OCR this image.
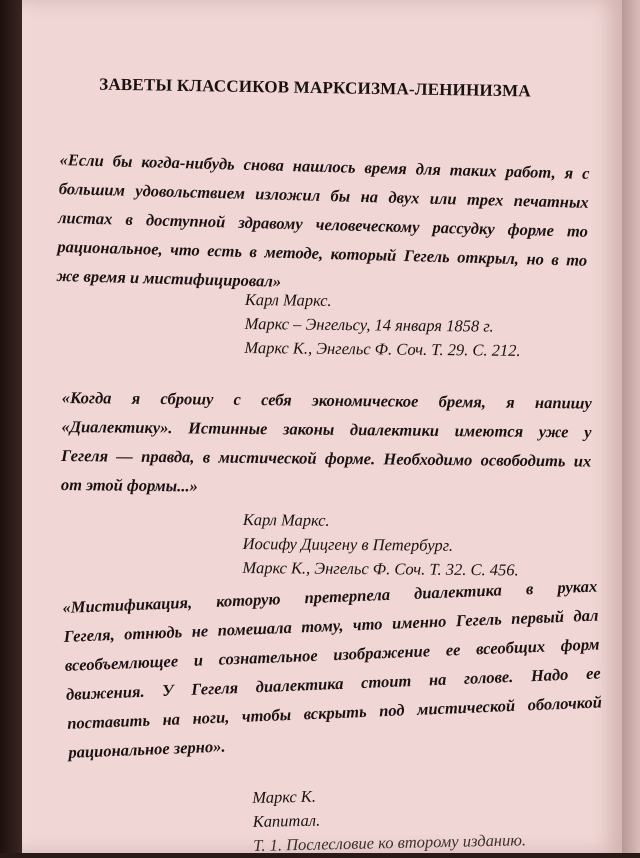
ЗАВЕТЫ КЛАССИКОВ МАРКСИЗМА-ЛЕНИНИЗМА
«Если бы когда-нибудь снова нашлось время для таких работ, я с
большим удовольствием изложил бы на двух или трех печатных
листах в доступной здравому человеческому рассудку форме то
рациональное, что есть в методе, который Гегель открыл, но в то
же время и мистифицировал»
Карл Маркс.
Маркс – Энгельсу, 14 января 1858 г.
Маркс К., Энгельс Ф. Соч. Т. 29. С. 212.
«Когда я сброшу с себя экономическое бремя, я напишу
«Диалектику». Истинные законы диалектики имеются уже у
Гегеля — правда, в мистической форме. Необходимо освободить их
от этой формы...»
Карл Маркс.
Иосифу Дицгену в Петербург.
Маркс К., Энгельс Ф. Соч. Т. 32. С. 456.
«Мистификация, которую претерпела диалектика в руках
Гегеля, отнюдь не помешала тому, что именно Гегель первый дал
всеобъемлющее и сознательное изображение ее всеобщих форм
движения. У Гегеля диалектика стоит на голове. Надо ее
поставить на ноги, чтобы вскрыть под мистической оболочкой
рациональное зерно».
Маркс К.
Капитал.
Т. 1. Послесловие ко второму изданию.
